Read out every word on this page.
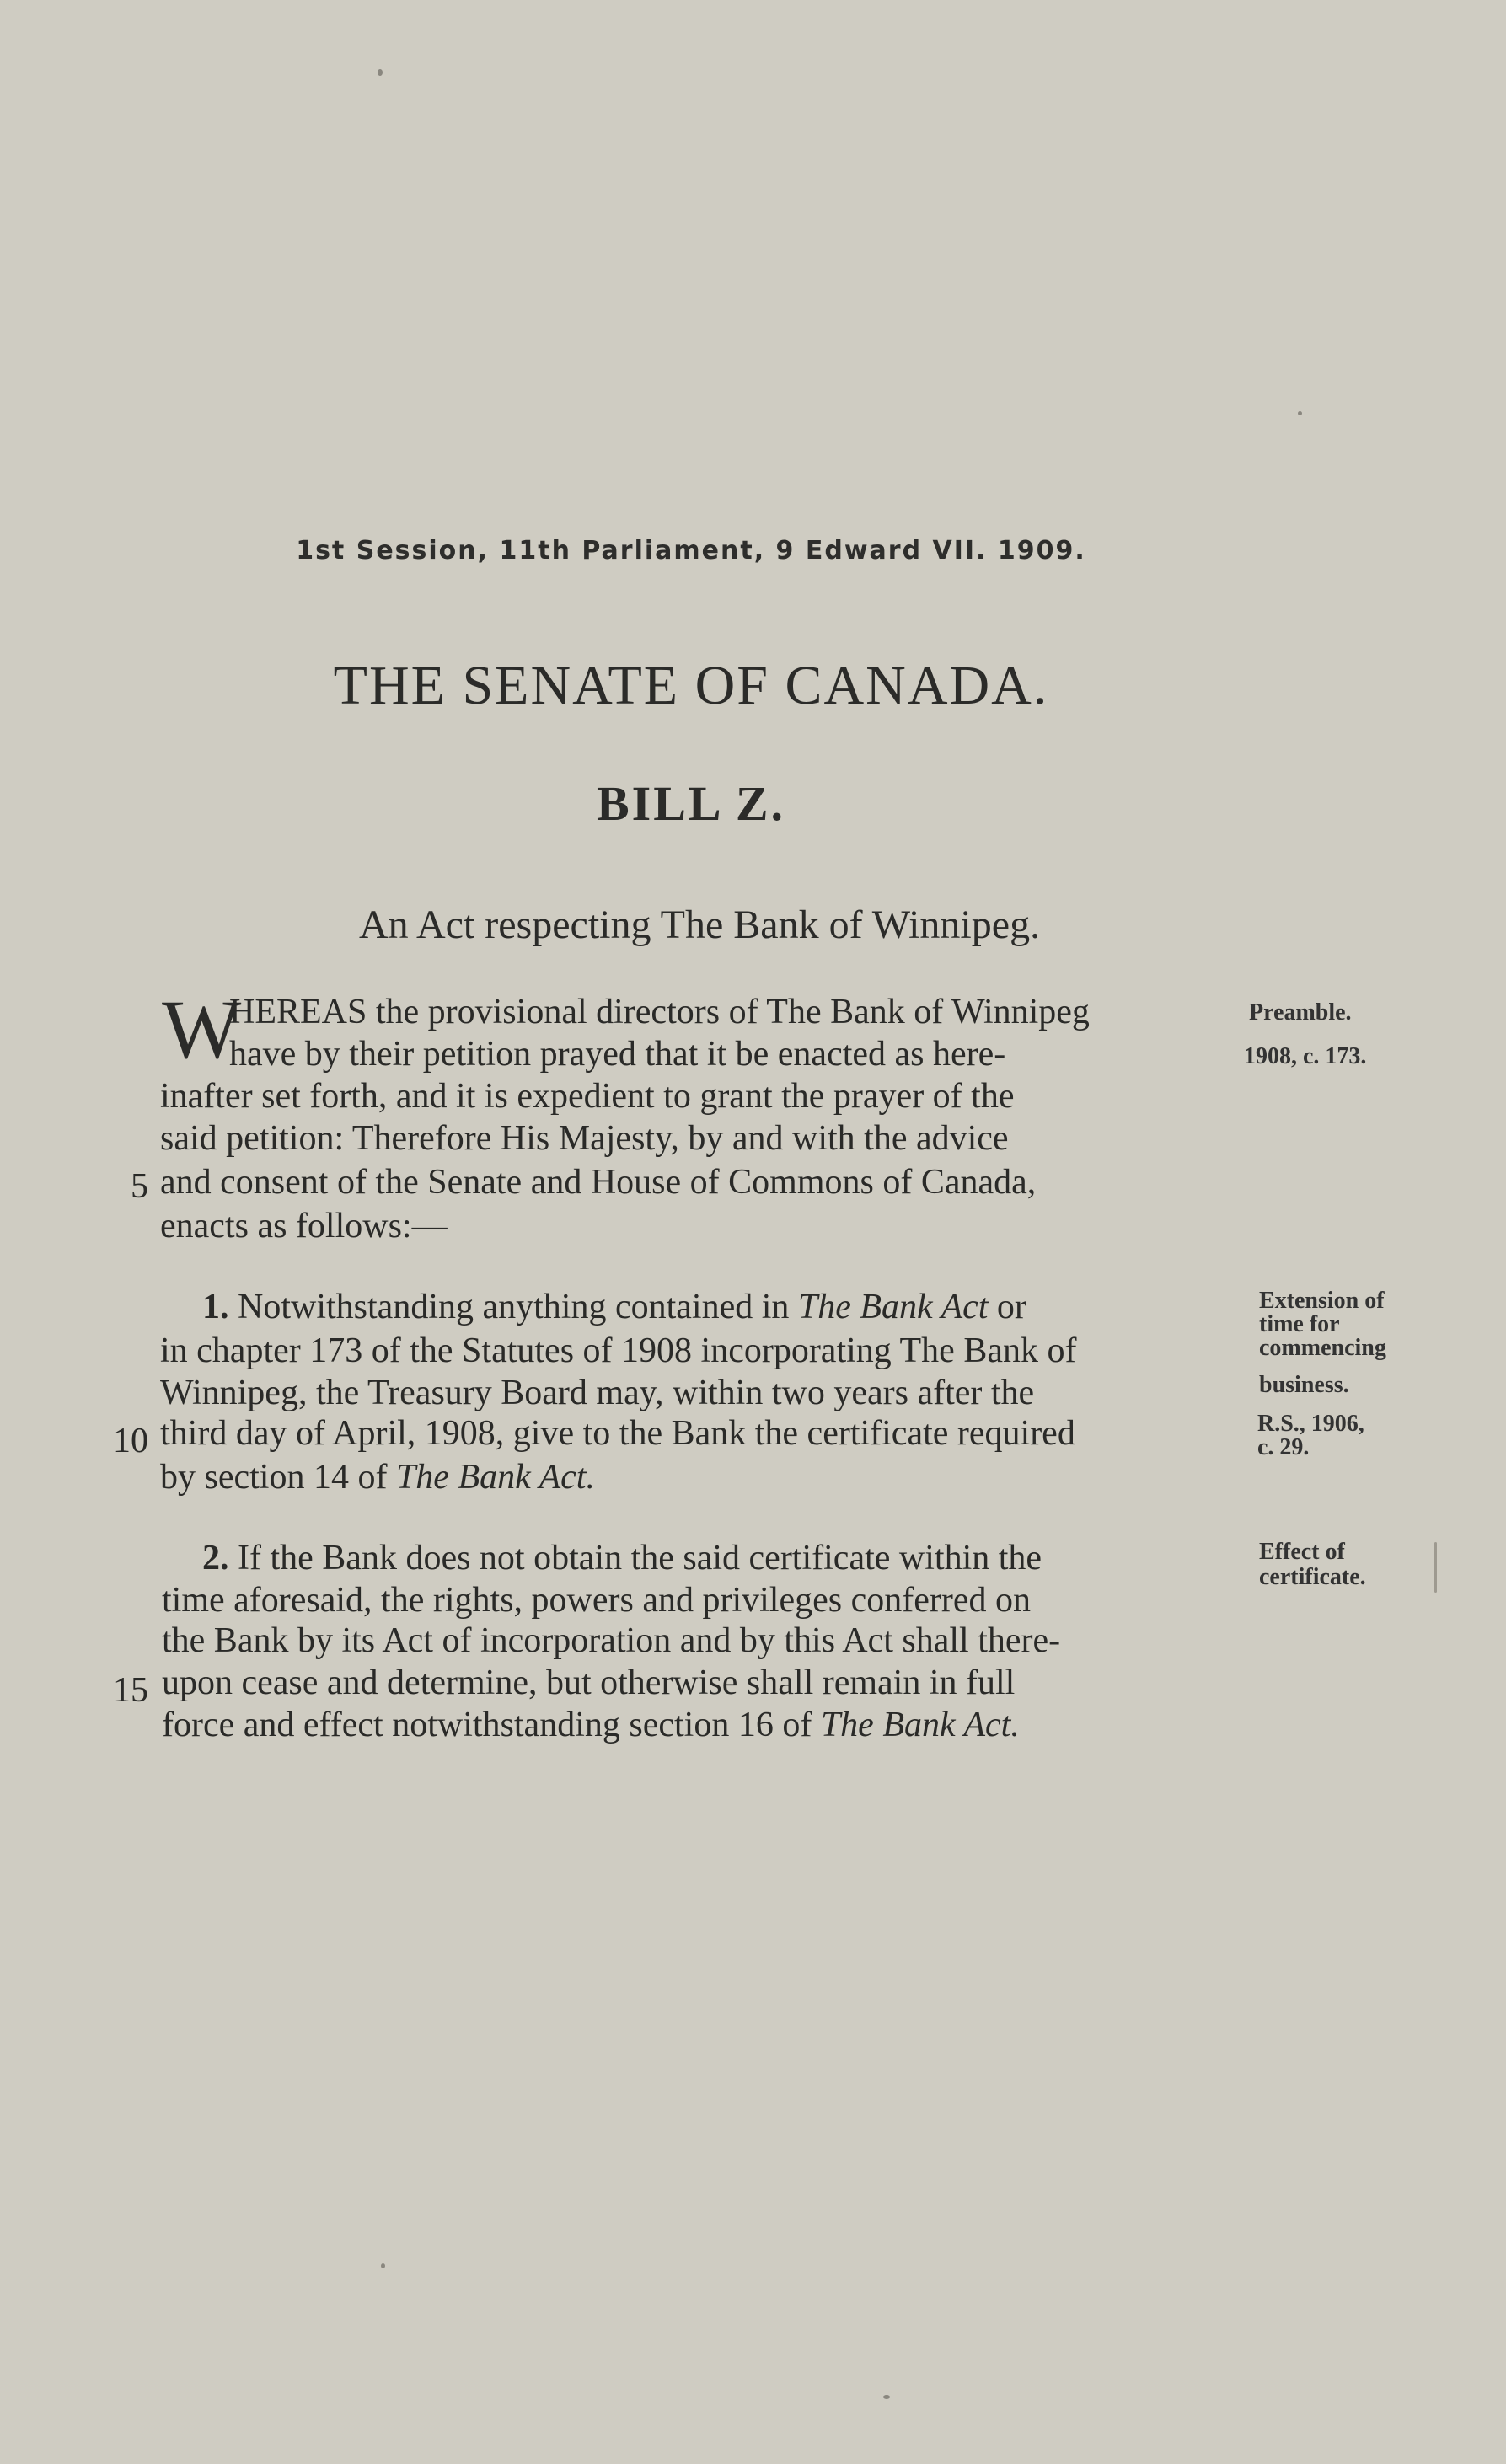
1st Session, 11th Parliament, 9 Edward VII. 1909.
THE SENATE OF CANADA.
BILL Z.
An Act respecting The Bank of Winnipeg.
W
HEREAS the provisional directors of The Bank of Winnipeg
have by their petition prayed that it be enacted as here-
inafter set forth, and it is expedient to grant the prayer of the
said petition: Therefore His Majesty, by and with the advice
and consent of the Senate and House of Commons of Canada,
enacts as follows:—
5
Preamble.
1908, c. 173.
1. Notwithstanding anything contained in The Bank Act or
in chapter 173 of the Statutes of 1908 incorporating The Bank of
Winnipeg, the Treasury Board may, within two years after the
third day of April, 1908, give to the Bank the certificate required
by section 14 of The Bank Act.
10
Extension of
time for
commencing
business.
R.S., 1906,
c. 29.
2. If the Bank does not obtain the said certificate within the
time aforesaid, the rights, powers and privileges conferred on
the Bank by its Act of incorporation and by this Act shall there-
upon cease and determine, but otherwise shall remain in full
force and effect notwithstanding section 16 of The Bank Act.
15
Effect of
certificate.
